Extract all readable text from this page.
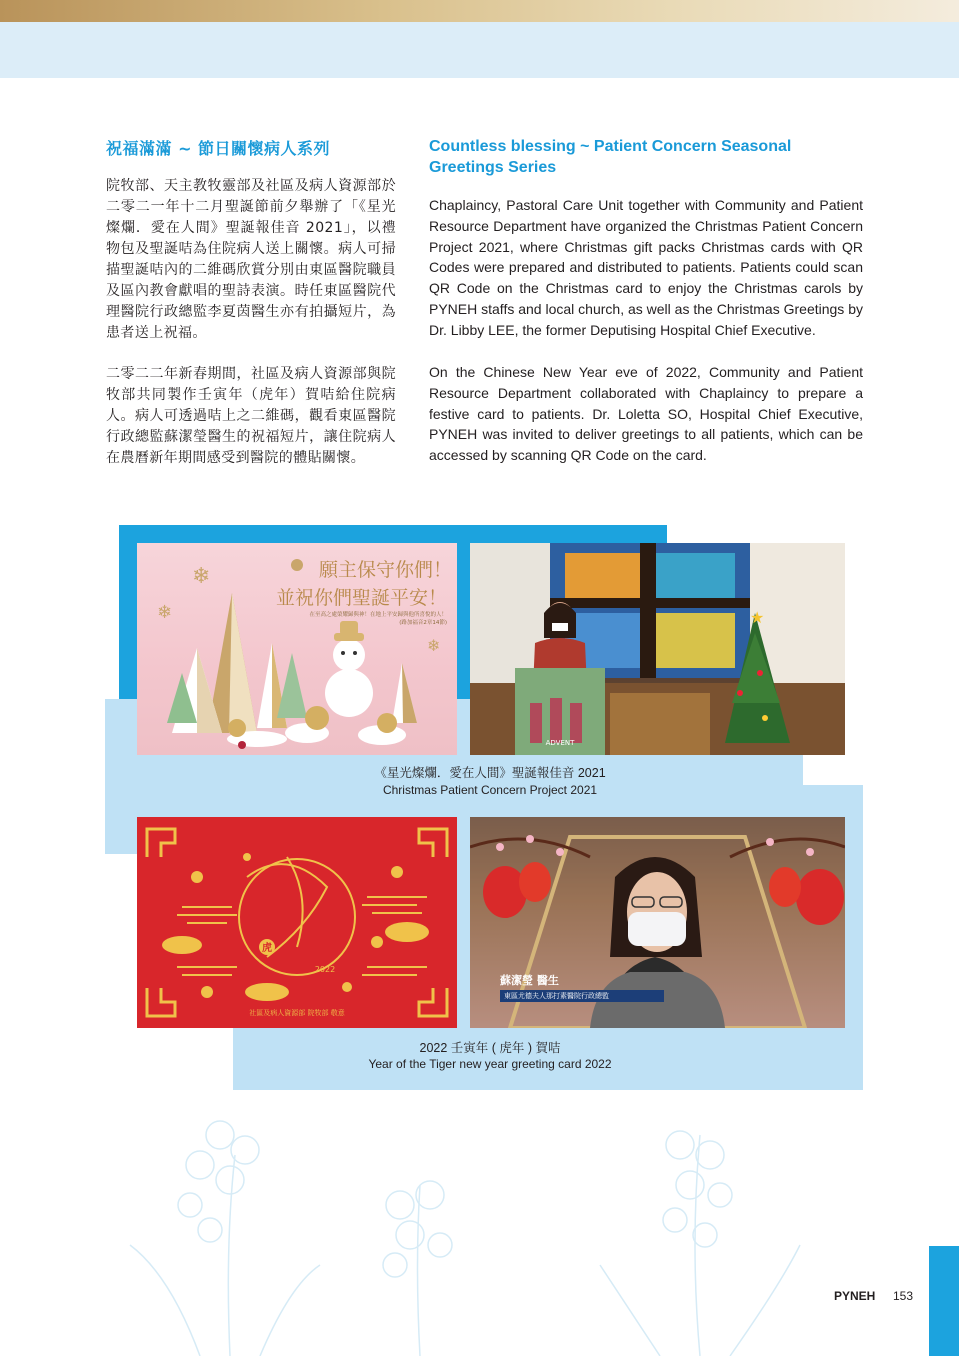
祝福滿滿 ~ 節日關懷病人系列	Countless blessing ~ Patient Concern Seasonal Greetings Series

院牧部、天主教牧靈部及社區及病人資源部於二零二一年十二月聖誕節前夕舉辦了「《星光燦爛．愛在人間》聖誕報佳音 2021」，以禮物包及聖誕咭為住院病人送上關懷。病人可掃描聖誕咭內的二維碼欣賞分別由東區醫院職員及區內教會獻唱的聖詩表演。時任東區醫院代理醫院行政總監李夏茵醫生亦有拍攝短片，為患者送上祝福。

二零二二年新春期間，社區及病人資源部與院牧部共同製作壬寅年（虎年）賀咭給住院病人。病人可透過咭上之二維碼，觀看東區醫院行政總監蘇潔瑩醫生的祝福短片，讓住院病人在農曆新年期間感受到醫院的體貼關懷。

Chaplaincy, Pastoral Care Unit together with Community and Patient Resource Department have organized the Christmas Patient Concern Project 2021, where Christmas gift packs Christmas cards with QR Codes were prepared and distributed to patients. Patients could scan QR Code on the Christmas card to enjoy the Christmas carols by PYNEH staffs and local church, as well as the Christmas Greetings by Dr. Libby LEE, the former Deputising Hospital Chief Executive.

On the Chinese New Year eve of 2022, Community and Patient Resource Department collaborated with Chaplaincy to prepare a festive card to patients. Dr. Loletta SO, Hospital Chief Executive, PYNEH was invited to deliver greetings to all patients, which can be accessed by scanning QR Code on the card.

❄
❄
❄
願主保守你們！
並祝你們聖誕平安！
在至高之處榮耀歸與神！在地上平安歸與他所喜悅的人！
(路加福音2章14節)	★
ADVENT
《星光燦爛．愛在人間》聖誕報佳音 2021
Christmas Patient Concern Project 2021
虎
2022
社區及病人資源部 院牧部 敬意
蘇潔瑩 醫生
東區尤德夫人那打素醫院行政總監
2022 壬寅年 ( 虎年 ) 賀咭
Year of the Tiger new year greeting card 2022
PYNEH 153
